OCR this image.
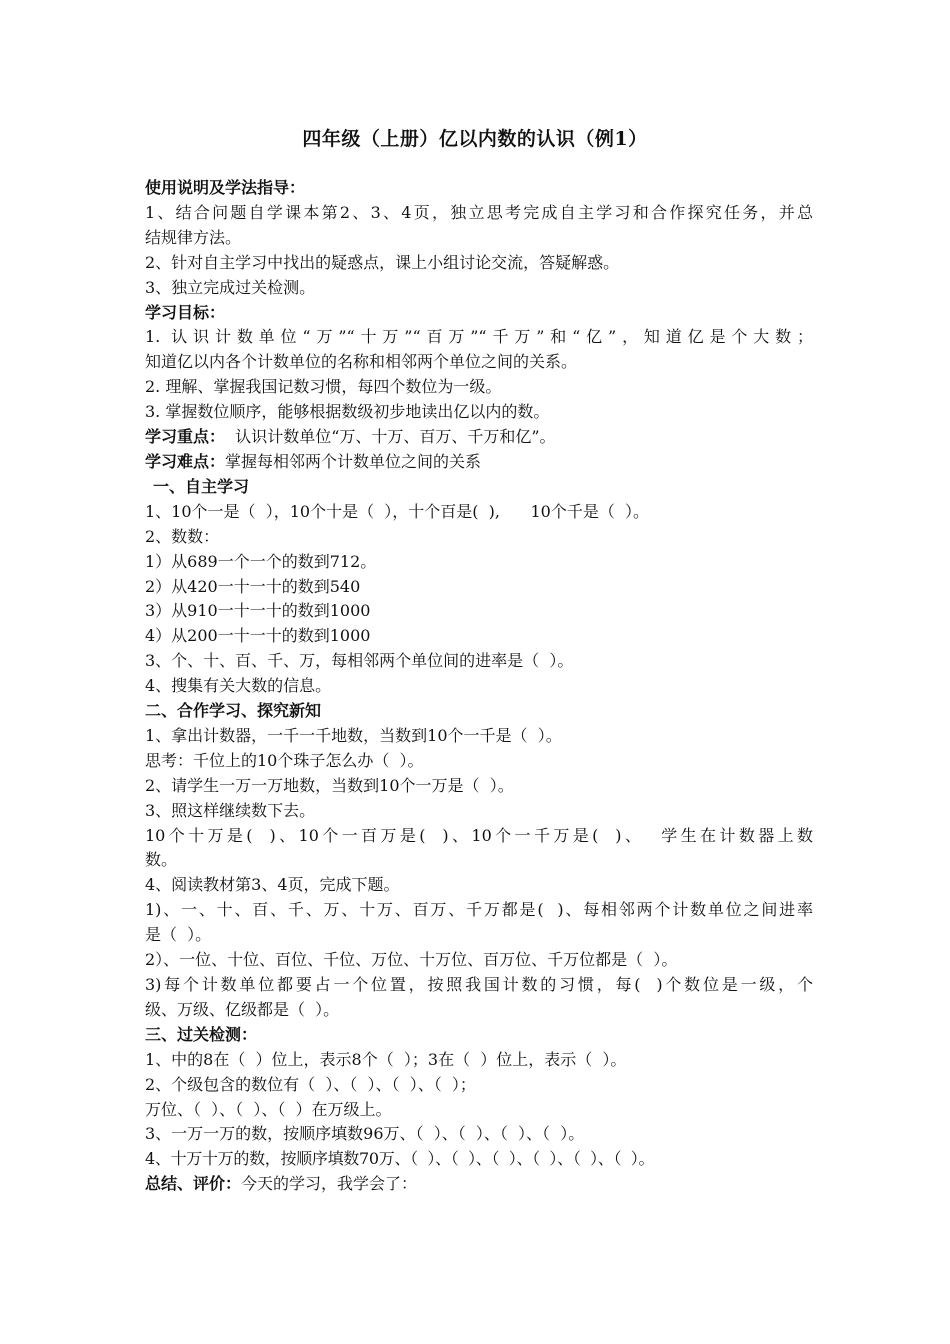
四年级（上册）亿以内数的认识（例1）
使用说明及学法指导：
1、结合问题自学课本第2、3、4页，独立思考完成自主学习和合作探究任务，并总
结规律方法。
2、针对自主学习中找出的疑惑点，课上小组讨论交流，答疑解惑。
3、独立完成过关检测。
学习目标：
1. 认识计数单位“万”“十万”“百万”“千万”和“亿”，知道亿是个大数；
知道亿以内各个计数单位的名称和相邻两个单位之间的关系。
2. 理解、掌握我国记数习惯，每四个数位为一级。
3. 掌握数位顺序，能够根据数级初步地读出亿以内的数。
学习重点：  认识计数单位“万、十万、百万、千万和亿”。
学习难点：掌握每相邻两个计数单位之间的关系
一、自主学习
1、10个一是（  ），10个十是（  ），十个百是(  ),      10个千是（  ）。
2、数数：
1）从689一个一个的数到712。
2）从420一十一十的数到540
3）从910一十一十的数到1000
4）从200一十一十的数到1000
3、个、十、百、千、万，每相邻两个单位间的进率是（  ）。
4、搜集有关大数的信息。
二、合作学习、探究新知
1、拿出计数器，一千一千地数，当数到10个一千是（  ）。
思考：千位上的10个珠子怎么办（  ）。
2、请学生一万一万地数，当数到10个一万是（  ）。
3、照这样继续数下去。
10个十万是(  )、10个一百万是(  )、10个一千万是(  )、  学生在计数器上数
数。
4、阅读教材第3、4页，完成下题。
1)、一、十、百、千、万、十万、百万、千万都是(  )、每相邻两个计数单位之间进率
是（  ）。
2）、一位、十位、百位、千位、万位、十万位、百万位、千万位都是（  ）。
3)每个计数单位都要占一个位置，按照我国计数的习惯，每(  )个数位是一级，个
级、万级、亿级都是（  ）。
三、过关检测：
1、中的8在（  ）位上，表示8个（  ）；3在（  ）位上，表示（  ）。
2、个级包含的数位有（  ）、（  ）、（  ）、（  ）；
万位、（  ）、（  ）、（  ）在万级上。
3、一万一万的数，按顺序填数96万、（  ）、（  ）、（  ）、（  ）。
4、十万十万的数，按顺序填数70万、（  ）、（  ）、（  ）、（  ）、（  ）、（  ）。
总结、评价：今天的学习，我学会了：
